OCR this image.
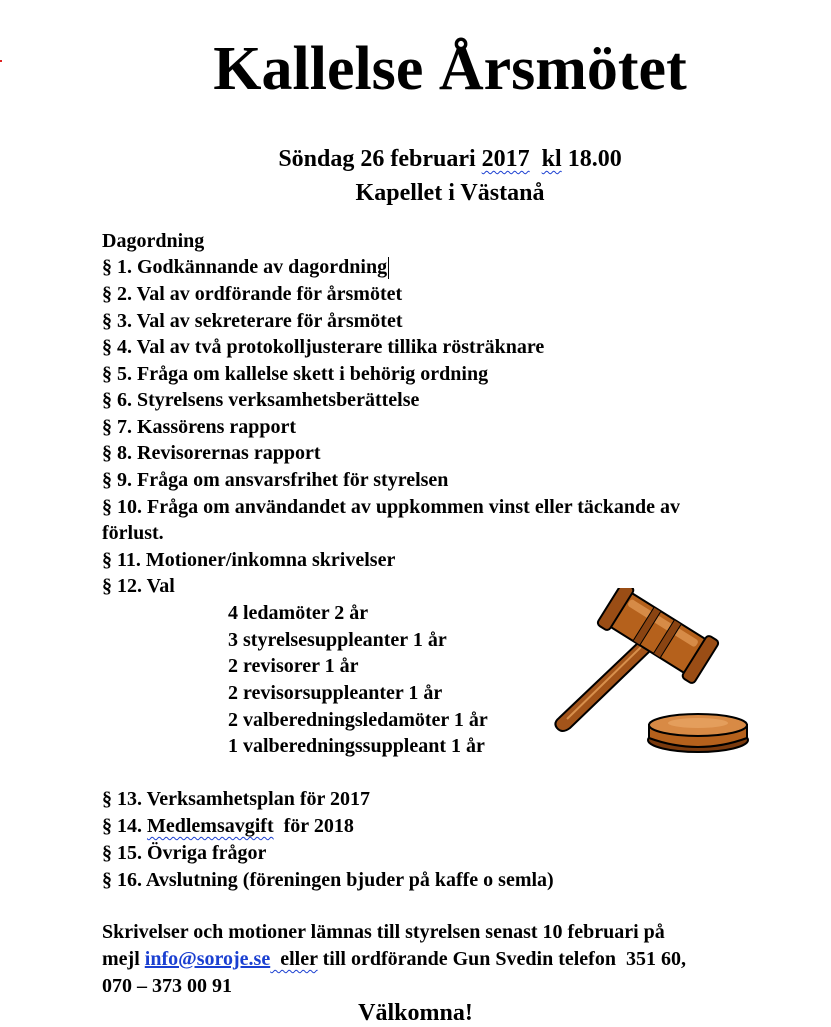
Kallelse Årsmötet
Söndag 26 februari 2017 kl 18.00
Kapellet i Västanå
Dagordning
§ 1. Godkännande av dagordning
§ 2. Val av ordförande för årsmötet
§ 3. Val av sekreterare för årsmötet
§ 4. Val av två protokolljusterare tillika rösträknare
§ 5. Fråga om kallelse skett i behörig ordning
§ 6. Styrelsens verksamhetsberättelse
§ 7. Kassörens rapport
§ 8. Revisorernas rapport
§ 9. Fråga om ansvarsfrihet för styrelsen
§ 10. Fråga om användandet av uppkommen vinst eller täckande av
förlust.
§ 11. Motioner/inkomna skrivelser
§ 12. Val
4 ledamöter 2 år
3 styrelsesuppleanter 1 år
2 revisorer 1 år
2 revisorsuppleanter 1 år
2 valberedningsledamöter 1 år
1 valberedningssuppleant 1 år
§ 13. Verksamhetsplan för 2017
§ 14. Medlemsavgift  för 2018
§ 15. Övriga frågor
§ 16. Avslutning (föreningen bjuder på kaffe o semla)
Skrivelser och motioner lämnas till styrelsen senast 10 februari på
mejl info@soroje.se  eller till ordförande Gun Svedin telefon  351 60,
070 – 373 00 91
Välkomna!
